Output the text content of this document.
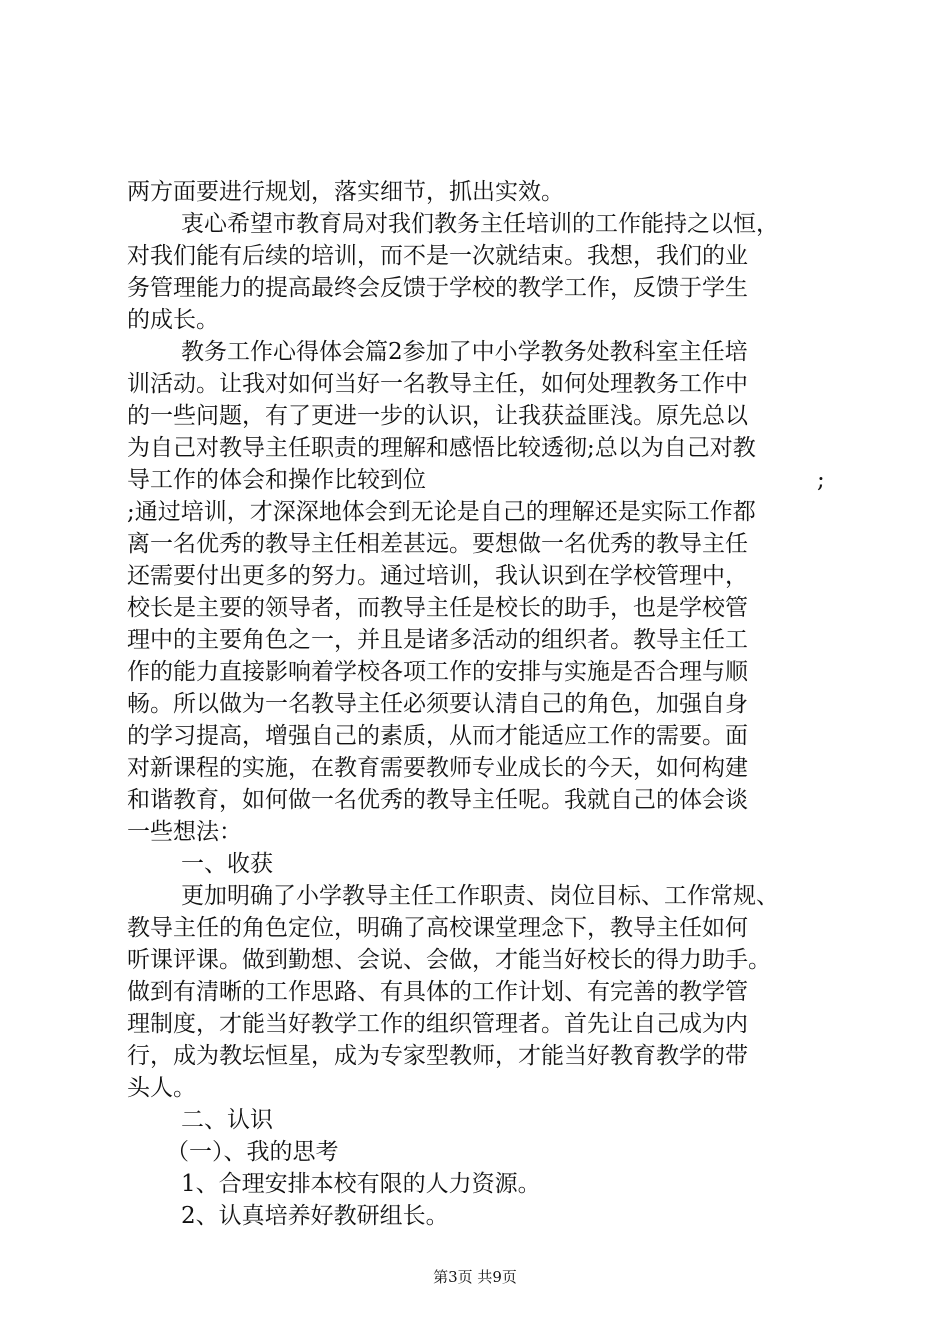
两方面要进行规划，落实细节，抓出实效。
衷心希望市教育局对我们教务主任培训的工作能持之以恒，
对我们能有后续的培训，而不是一次就结束。我想，我们的业
务管理能力的提高最终会反馈于学校的教学工作，反馈于学生
的成长。
教务工作心得体会篇2参加了中小学教务处教科室主任培
训活动。让我对如何当好一名教导主任，如何处理教务工作中
的一些问题，有了更进一步的认识，让我获益匪浅。原先总以
为自己对教导主任职责的理解和感悟比较透彻;总以为自己对教
导工作的体会和操作比较到位	;
;通过培训，才深深地体会到无论是自己的理解还是实际工作都
离一名优秀的教导主任相差甚远。要想做一名优秀的教导主任
还需要付出更多的努力。通过培训，我认识到在学校管理中，
校长是主要的领导者，而教导主任是校长的助手，也是学校管
理中的主要角色之一，并且是诸多活动的组织者。教导主任工
作的能力直接影响着学校各项工作的安排与实施是否合理与顺
畅。所以做为一名教导主任必须要认清自己的角色，加强自身
的学习提高，增强自己的素质，从而才能适应工作的需要。面
对新课程的实施，在教育需要教师专业成长的今天，如何构建
和谐教育，如何做一名优秀的教导主任呢。我就自己的体会谈
一些想法：
一、收获
更加明确了小学教导主任工作职责、岗位目标、工作常规、
教导主任的角色定位，明确了高校课堂理念下，教导主任如何
听课评课。做到勤想、会说、会做，才能当好校长的得力助手。
做到有清晰的工作思路、有具体的工作计划、有完善的教学管
理制度，才能当好教学工作的组织管理者。首先让自己成为内
行，成为教坛恒星，成为专家型教师，才能当好教育教学的带
头人。
二、认识
（一）、我的思考
1、合理安排本校有限的人力资源。
2、认真培养好教研组长。
第3页 共9页
